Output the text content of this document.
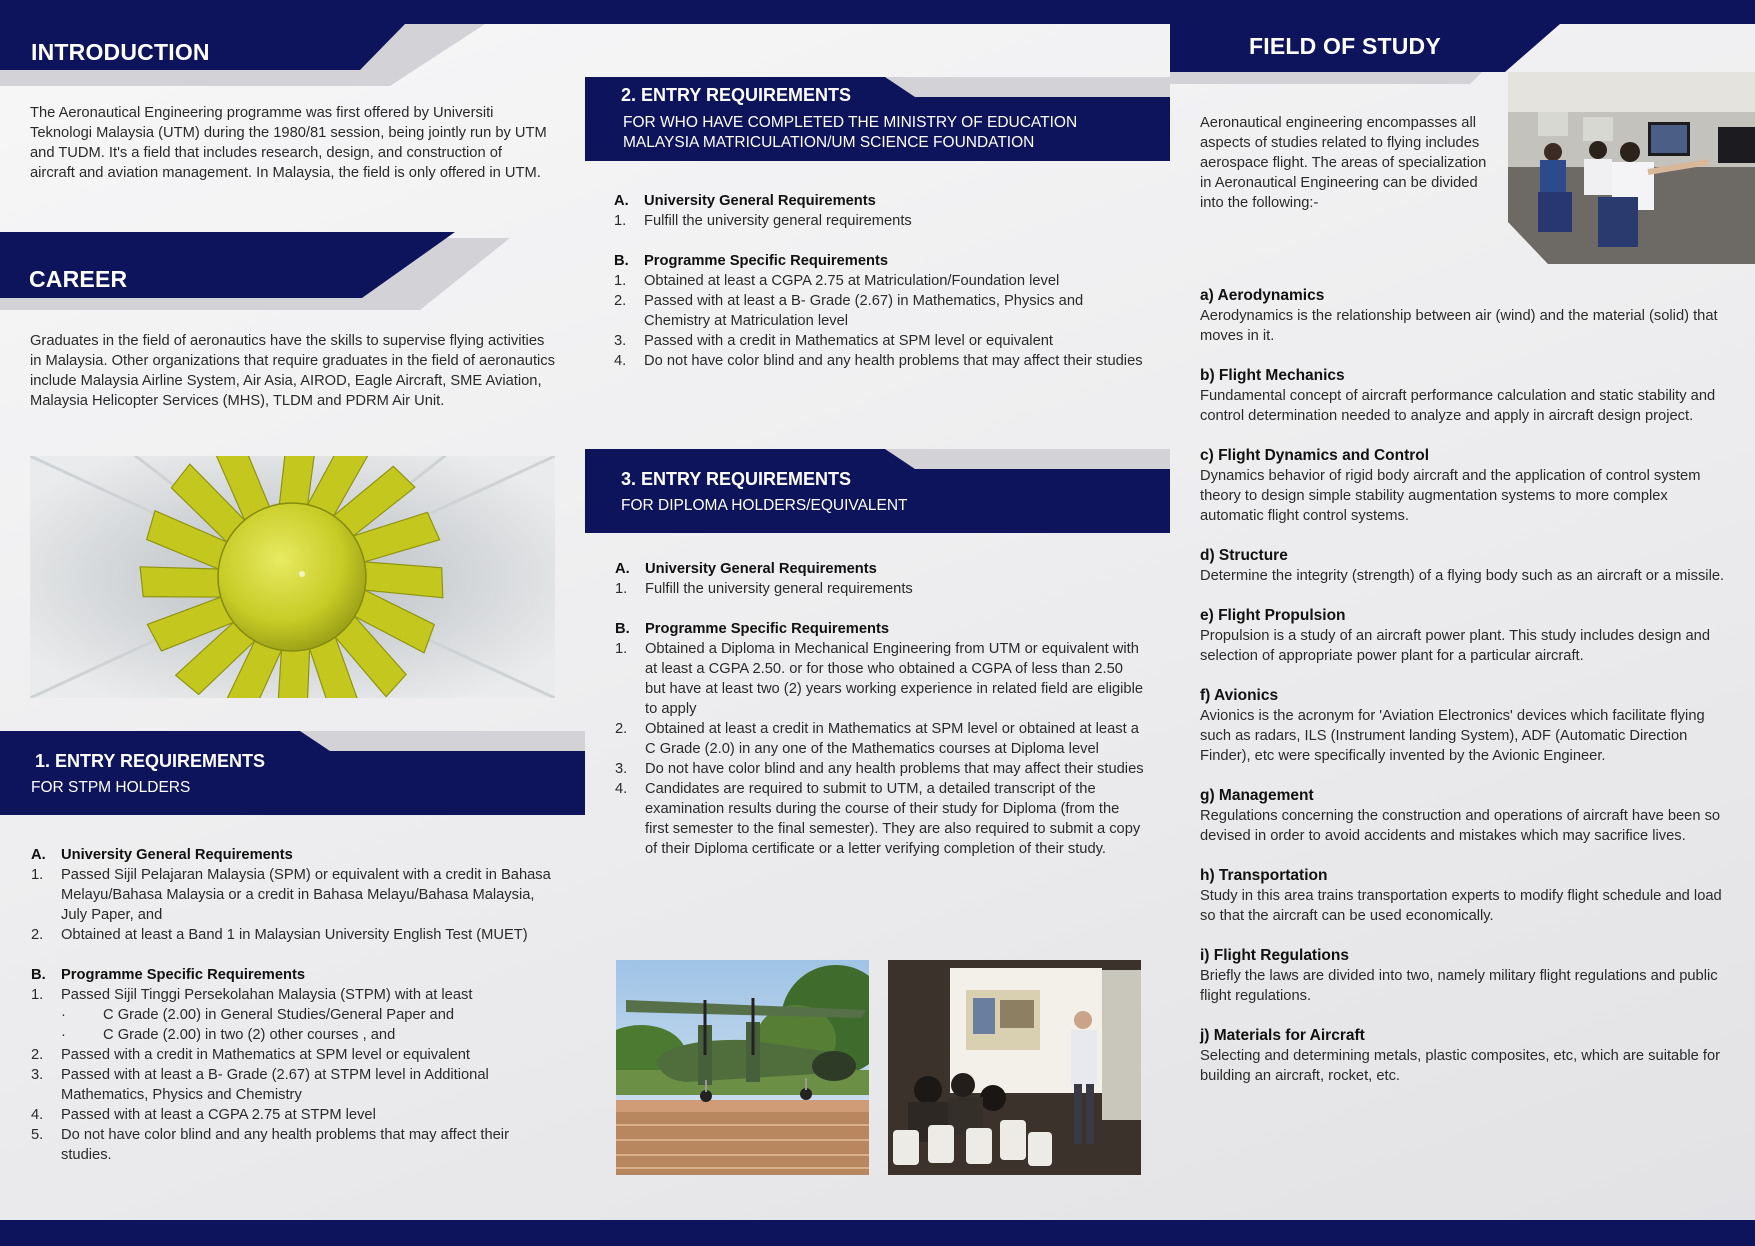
INTRODUCTION
The Aeronautical Engineering programme was first offered by Universiti Teknologi Malaysia (UTM) during the 1980/81 session, being jointly run by UTM and TUDM. It's a field that includes research, design, and construction of aircraft and aviation management. In Malaysia, the field is only offered in UTM.
CAREER
Graduates in the field of aeronautics have the skills to supervise flying activities in Malaysia. Other organizations that require graduates in the field of aeronautics include Malaysia Airline System, Air Asia, AIROD, Eagle Aircraft, SME Aviation, Malaysia Helicopter Services (MHS), TLDM and PDRM Air Unit.
1. ENTRY REQUIREMENTS
FOR STPM HOLDERS
A.	University General Requirements
1.	Passed Sijil Pelajaran Malaysia (SPM) or equivalent with a credit in Bahasa Melayu/Bahasa Malaysia or a credit in Bahasa Melayu/Bahasa Malaysia, July Paper, and
2.	Obtained at least a Band 1 in Malaysian University English Test (MUET)
B.	Programme Specific Requirements
1.	Passed Sijil Tinggi Persekolahan Malaysia (STPM) with at least
·	C Grade (2.00) in General Studies/General Paper and
·	C Grade (2.00) in two (2) other courses , and
2.	Passed with a credit in Mathematics at SPM level or equivalent
3.	Passed with at least a B- Grade (2.67) at STPM level in Additional Mathematics, Physics and Chemistry
4.	Passed with at least a CGPA 2.75 at STPM level
5.	Do not have color blind and any health problems that may affect their studies.
2. ENTRY REQUIREMENTS
FOR WHO HAVE COMPLETED THE MINISTRY OF EDUCATION
MALAYSIA MATRICULATION/UM SCIENCE FOUNDATION
A.	University General Requirements
1.	Fulfill the university general requirements
B.	Programme Specific Requirements
1.	Obtained at least a CGPA 2.75 at Matriculation/Foundation level
2.	Passed with at least a B- Grade (2.67) in Mathematics, Physics and Chemistry at Matriculation level
3.	Passed with a credit in Mathematics at SPM level or equivalent
4.	Do not have color blind and any health problems that may affect their studies
3. ENTRY REQUIREMENTS
FOR DIPLOMA HOLDERS/EQUIVALENT
A.	University General Requirements
1.	Fulfill the university general requirements
B.	Programme Specific Requirements
1.	Obtained a Diploma in Mechanical Engineering from UTM or equivalent with at least a CGPA 2.50. or for those who obtained a CGPA of less than 2.50 but have at least two (2) years working experience in related field are eligible to apply
2.	Obtained at least a credit in Mathematics at SPM level or obtained at least a C Grade (2.0) in any one of the Mathematics courses at Diploma level
3.	Do not have color blind and any health problems that may affect their studies
4.	Candidates are required to submit to UTM, a detailed transcript of the examination results during the course of their study for Diploma (from the first semester to the final semester). They are also required to submit a copy of their Diploma certificate or a letter verifying completion of their study.
FIELD OF STUDY
Aeronautical engineering encompasses all aspects of studies related to flying includes aerospace flight. The areas of specialization in Aeronautical Engineering can be divided into the following:-
a) Aerodynamics
Aerodynamics is the relationship between air (wind) and the material (solid) that moves in it.
b) Flight Mechanics
Fundamental concept of aircraft performance calculation and static stability and control determination needed to analyze and apply in aircraft design project.
c) Flight Dynamics and Control
Dynamics behavior of rigid body aircraft and the application of control system theory to design simple stability augmentation systems to more complex automatic flight control systems.
d) Structure
Determine the integrity (strength) of a flying body such as an aircraft or a missile.
e) Flight Propulsion
Propulsion is a study of an aircraft power plant. This study includes design and selection of appropriate power plant for a particular aircraft.
f) Avionics
Avionics is the acronym for 'Aviation Electronics' devices which facilitate flying such as radars, ILS (Instrument landing System), ADF (Automatic Direction Finder), etc were specifically invented by the Avionic Engineer.
g) Management
Regulations concerning the construction and operations of aircraft have been so devised in order to avoid accidents and mistakes which may sacrifice lives.
h) Transportation
Study in this area trains transportation experts to modify flight schedule and load so that the aircraft can be used economically.
i) Flight Regulations
Briefly the laws are divided into two, namely military flight regulations and public flight regulations.
j) Materials for Aircraft
Selecting and determining metals, plastic composites, etc, which are suitable for building an aircraft, rocket, etc.
